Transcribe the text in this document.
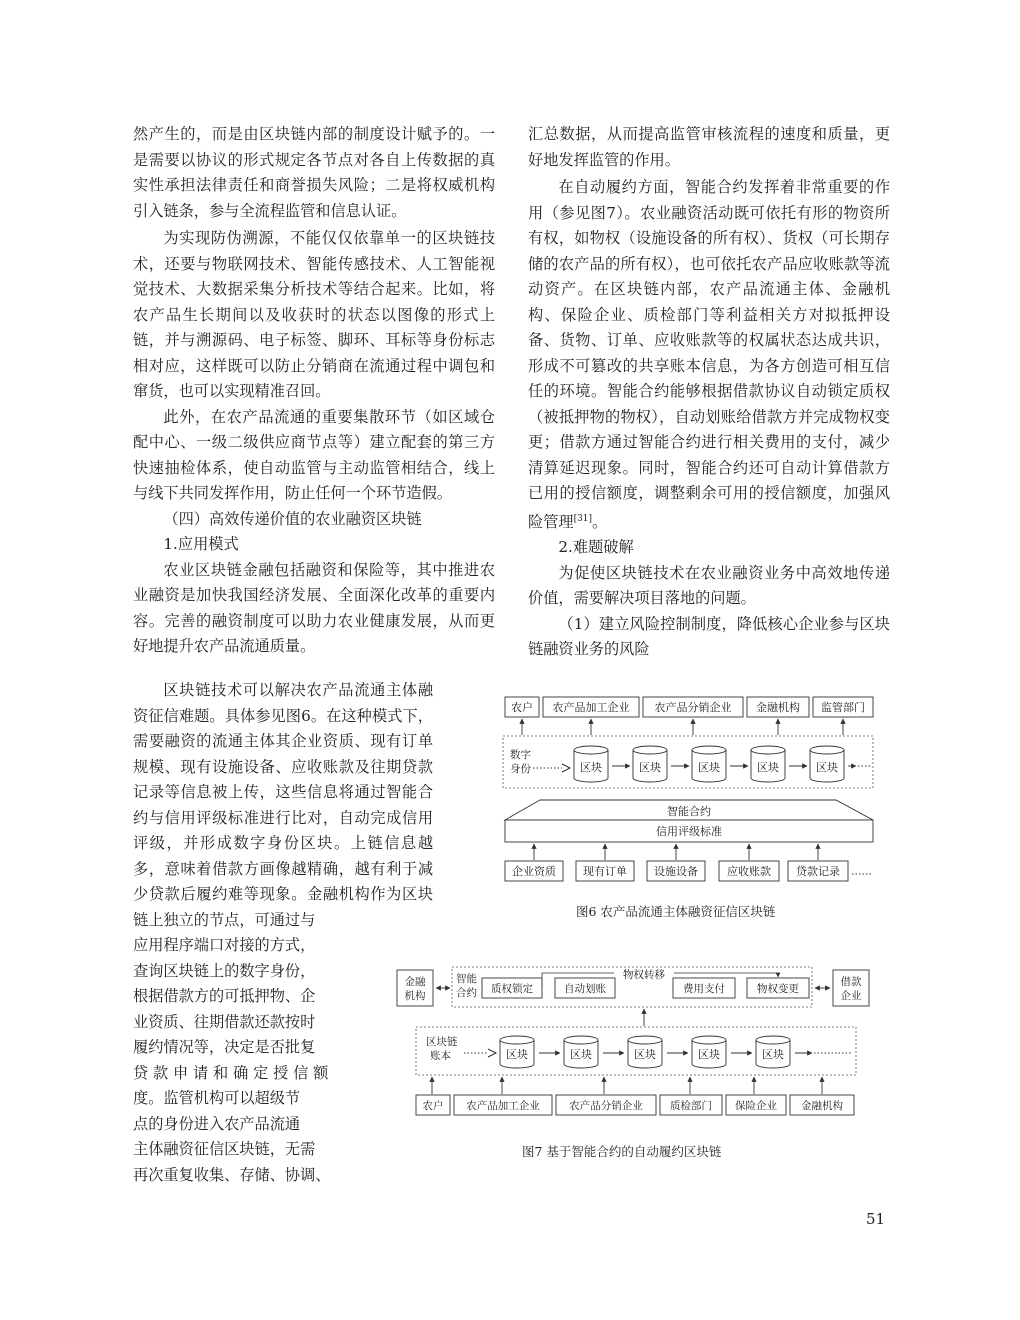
然产生的，而是由区块链内部的制度设计赋予的。一是需要以协议的形式规定各节点对各自上传数据的真实性承担法律责任和商誉损失风险；二是将权威机构引入链条，参与全流程监管和信息认证。

为实现防伪溯源，不能仅仅依靠单一的区块链技术，还要与物联网技术、智能传感技术、人工智能视觉技术、大数据采集分析技术等结合起来。比如，将农产品生长期间以及收获时的状态以图像的形式上链，并与溯源码、电子标签、脚环、耳标等身份标志相对应，这样既可以防止分销商在流通过程中调包和窜货，也可以实现精准召回。

此外，在农产品流通的重要集散环节（如区域仓配中心、一级二级供应商节点等）建立配套的第三方快速抽检体系，使自动监管与主动监管相结合，线上与线下共同发挥作用，防止任何一个环节造假。

（四）高效传递价值的农业融资区块链

1.应用模式

农业区块链金融包括融资和保险等，其中推进农业融资是加快我国经济发展、全面深化改革的重要内容。完善的融资制度可以助力农业健康发展，从而更好地提升农产品流通质量。

区块链技术可以解决农产品流通主体融资征信难题。具体参见图6。在这种模式下，需要融资的流通主体其企业资质、现有订单规模、现有设施设备、应收账款及往期贷款记录等信息被上传，这些信息将通过智能合约与信用评级标准进行比对，自动完成信用评级，并形成数字身份区块。上链信息越多，意味着借款方画像越精确，越有利于减少贷款后履约难等现象。金融机构作为区块链上独立的节点，可通过与

应用程序端口对接的方式，
查询区块链上的数字身份，
根据借款方的可抵押物、企
业资质、往期借款还款按时
履约情况等，决定是否批复
贷 款 申 请 和 确 定 授 信 额
度。监管机构可以超级节
点的身份进入农产品流通
主体融资征信区块链，无需
再次重复收集、存储、协调、

汇总数据，从而提高监管审核流程的速度和质量，更好地发挥监管的作用。

在自动履约方面，智能合约发挥着非常重要的作用（参见图7）。农业融资活动既可依托有形的物资所有权，如物权（设施设备的所有权）、货权（可长期存储的农产品的所有权），也可依托农产品应收账款等流动资产。在区块链内部，农产品流通主体、金融机构、保险企业、质检部门等利益相关方对拟抵押设备、货物、订单、应收账款等的权属状态达成共识，形成不可篡改的共享账本信息，为各方创造可相互信任的环境。智能合约能够根据借款协议自动锁定质权（被抵押物的物权），自动划账给借款方并完成物权变更；借款方通过智能合约进行相关费用的支付，减少清算延迟现象。同时，智能合约还可自动计算借款方已用的授信额度，调整剩余可用的授信额度，加强风险管理[31]。

2.难题破解

为促使区块链技术在农业融资业务中高效地传递价值，需要解决项目落地的问题。

（1）建立风险控制制度，降低核心企业参与区块链融资业务的风险

农户 农产品加工企业 农产品分销企业 金融机构 监管部门
数字
身份	区块	区块	区块	区块	区块
智能合约
信用评级标准
企业资质 现有订单 设施设备	应收账款 贷款记录
图6 农产品流通主体融资征信区块链
金融
机构
智能
合约 质权锁定	自动划账	费用支付	物权变更
物权转移
借款
企业
区块链
账本	区块	区块	区块	区块	区块
农户 农产品加工企业	农产品分销企业	质检部门 保险企业 金融机构
图7 基于智能合约的自动履约区块链
51
